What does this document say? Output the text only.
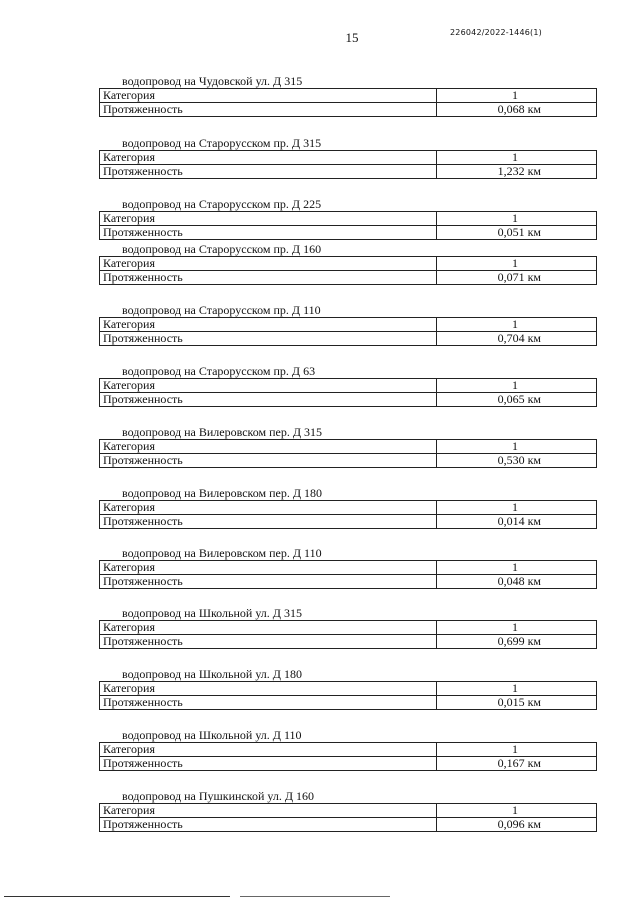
15	226042/2022-1446(1)
водопровод на Чудовской ул. Д 315
Категория	1
Протяженность	0,068 км
водопровод на Старорусском пр. Д 315
Категория	1
Протяженность	1,232 км
водопровод на Старорусском пр. Д 225
Категория	1
Протяженность	0,051 км
водопровод на Старорусском пр. Д 160
Категория	1
Протяженность	0,071 км
водопровод на Старорусском пр. Д 110
Категория	1
Протяженность	0,704 км
водопровод на Старорусском пр. Д 63
Категория	1
Протяженность	0,065 км
водопровод на Вилеровском пер. Д 315
Категория	1
Протяженность	0,530 км
водопровод на Вилеровском пер. Д 180
Категория	1
Протяженность	0,014 км
водопровод на Вилеровском пер. Д 110
Категория	1
Протяженность	0,048 км
водопровод на Школьной ул. Д 315
Категория	1
Протяженность	0,699 км
водопровод на Школьной ул. Д 180
Категория	1
Протяженность	0,015 км
водопровод на Школьной ул. Д 110
Категория	1
Протяженность	0,167 км
водопровод на Пушкинской ул. Д 160
Категория	1
Протяженность	0,096 км
